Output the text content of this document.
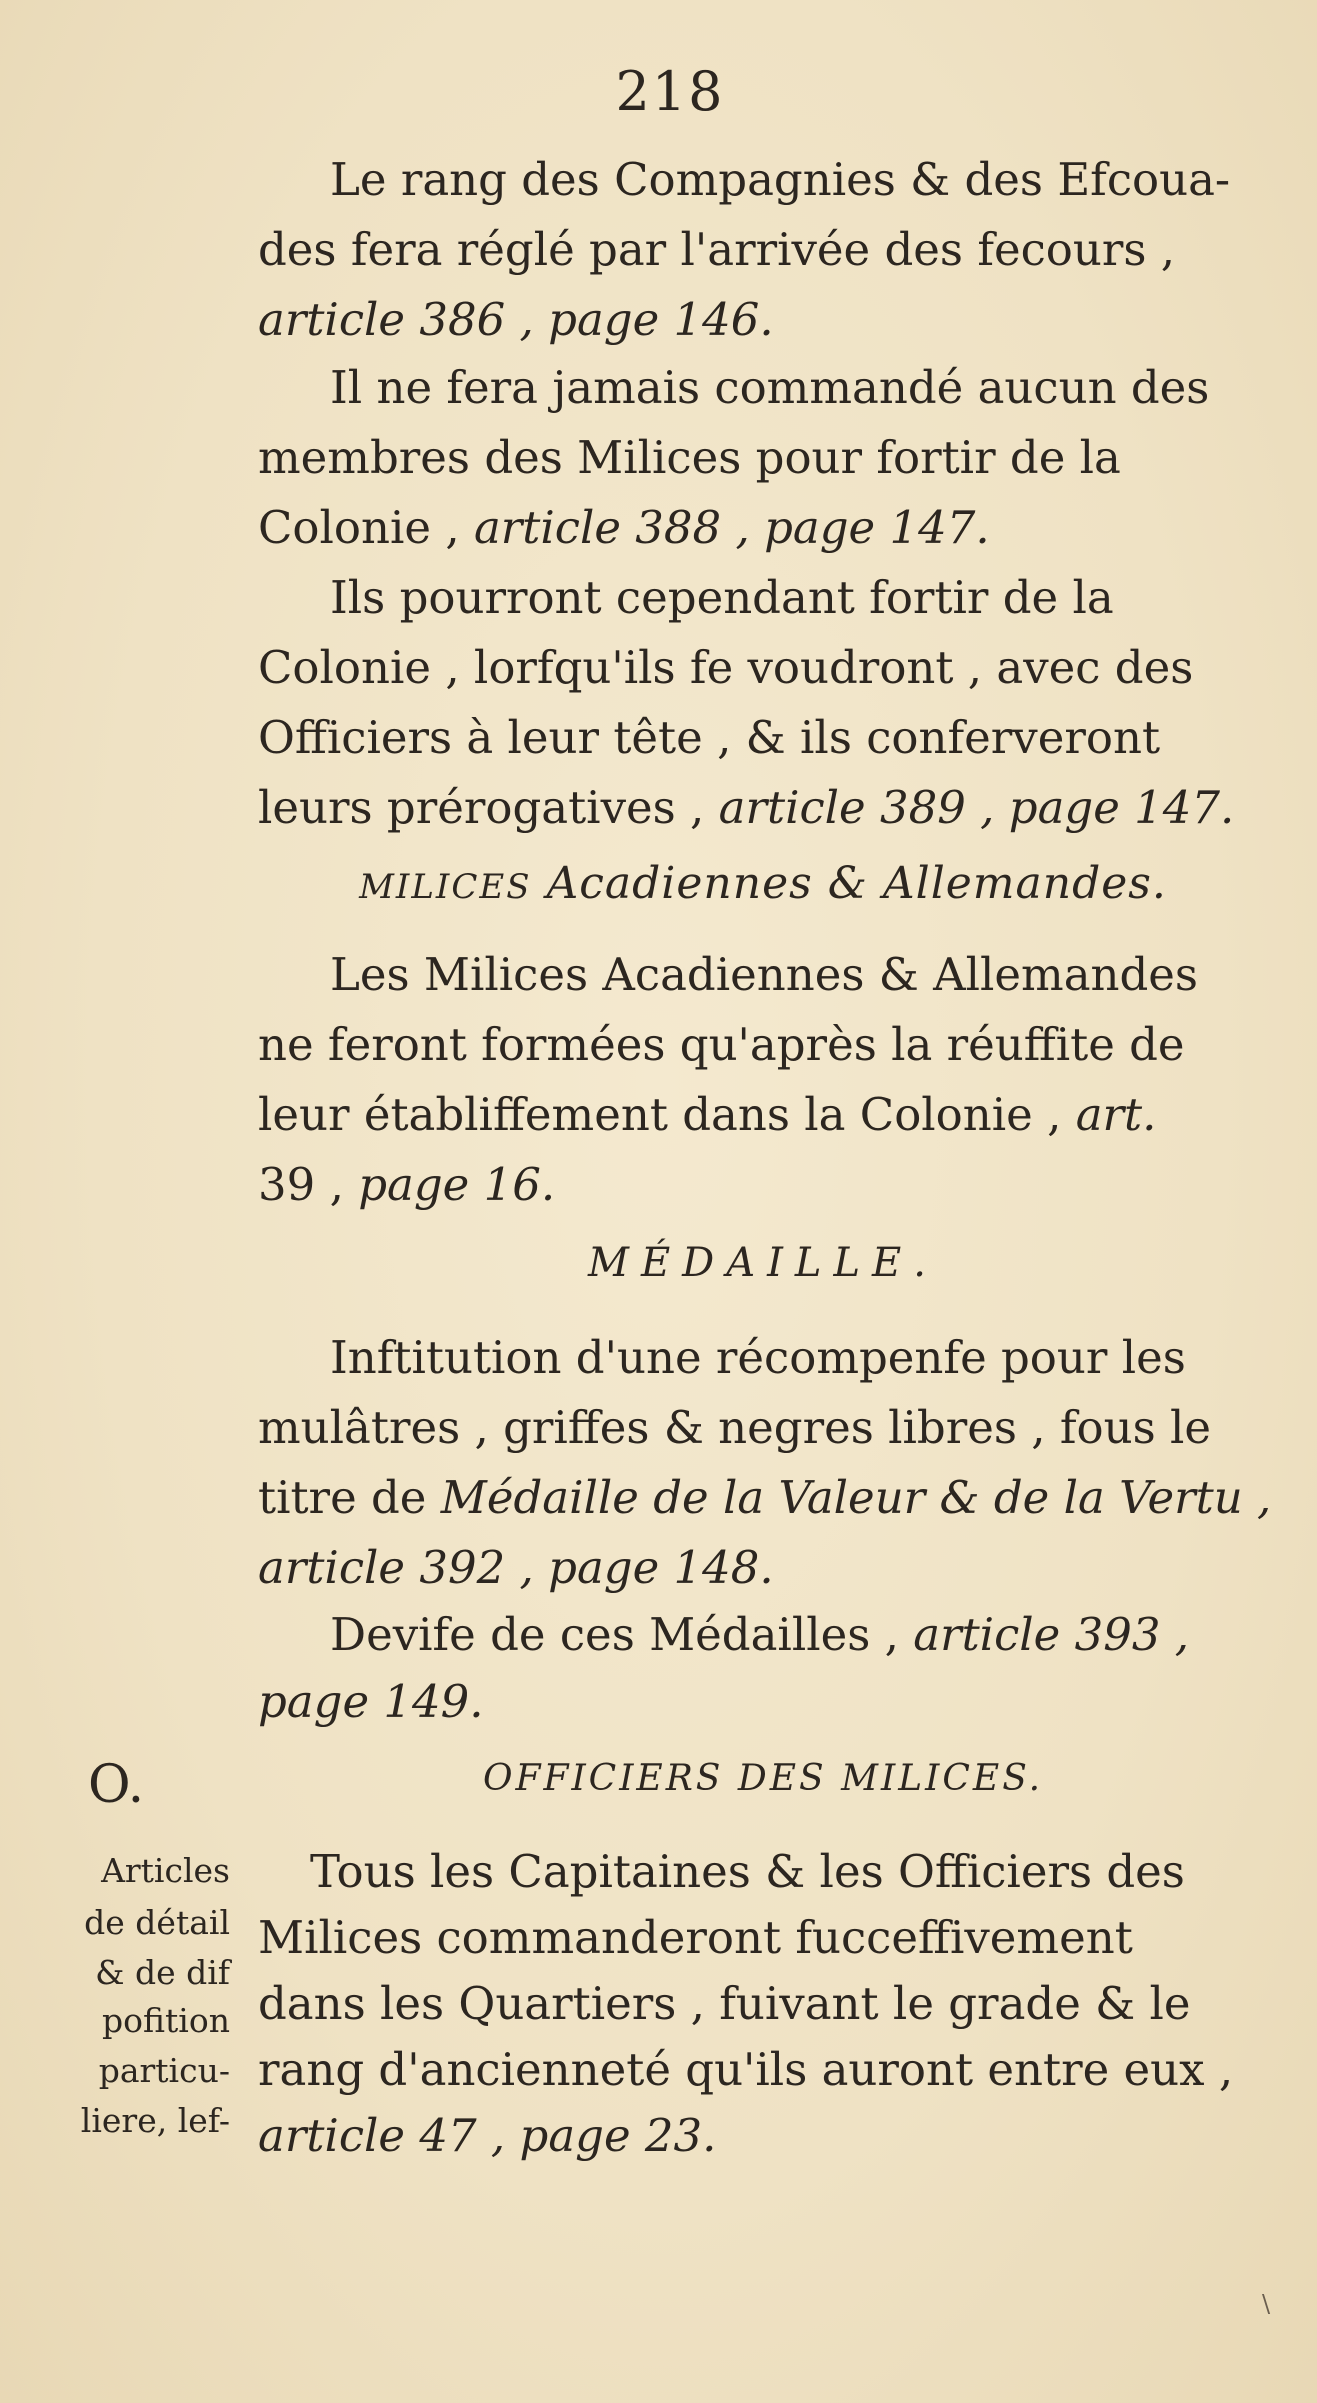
218
Le rang des Compagnies & des Efcoua-
des fera réglé par l'arrivée des fecours ,
article 386 , page 146.
Il ne fera jamais commandé aucun des
membres des Milices pour fortir de la
Colonie , article 388 , page 147.
Ils pourront cependant fortir de la
Colonie , lorfqu'ils fe voudront , avec des
Officiers à leur tête , & ils conferveront
leurs prérogatives , article 389 , page 147.
MILICES Acadiennes & Allemandes.
Les Milices Acadiennes & Allemandes
ne feront formées qu'après la réuffite de
leur établiffement dans la Colonie , art.
39 , page 16.
MÉDAILLE.
Inftitution d'une récompenfe pour les
mulâtres , griffes & negres libres , fous le
titre de Médaille de la Valeur & de la Vertu ,
article 392 , page 148.
Devife de ces Médailles , article 393 ,
page 149.
O.	OFFICIERS DES MILICES.
Tous les Capitaines & les Officiers des
Milices commanderont fucceffivement
dans les Quartiers , fuivant le grade & le
rang d'ancienneté qu'ils auront entre eux ,
article 47 , page 23.
Articles
de détail
& de dif
pofition
particu-
liere, lef-
\
